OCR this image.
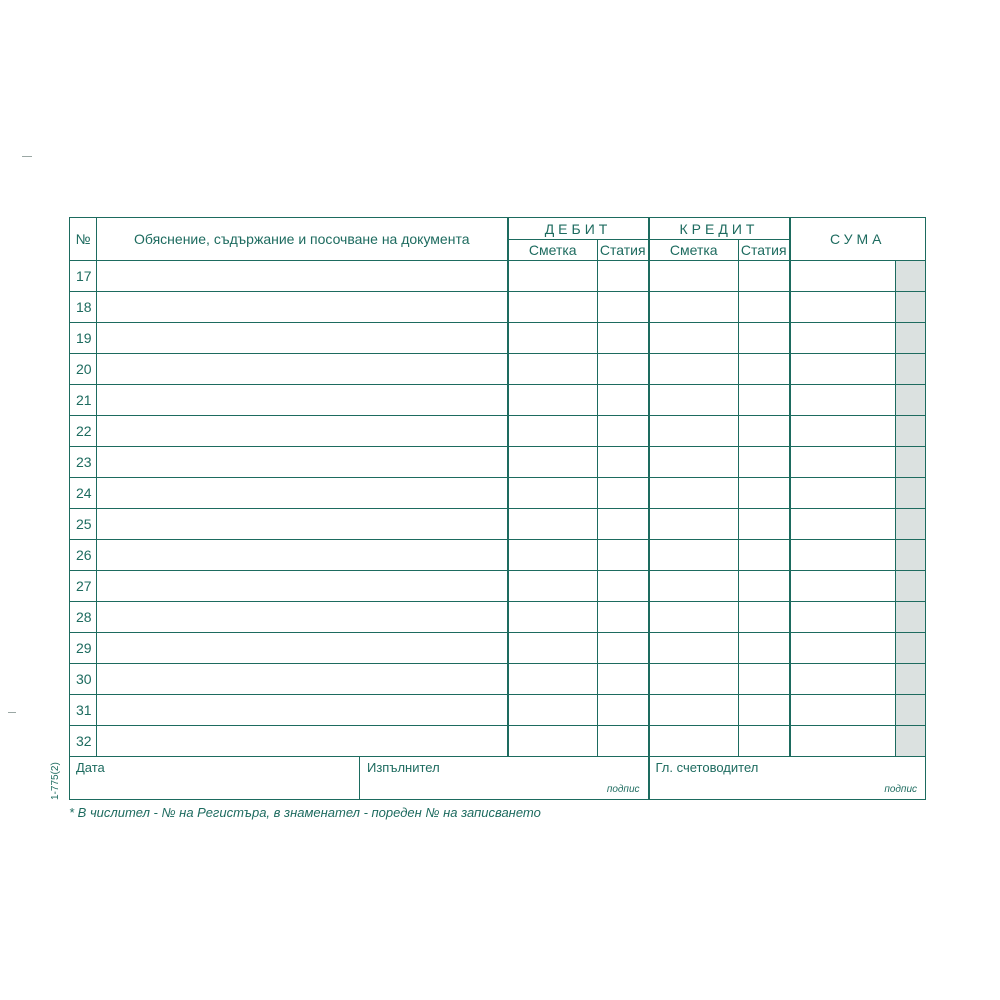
№	Обяснение, съдържание и посочване на документа	ДЕБИТ		КРЕДИТ		СУМА	
		Сметка	Статия	Сметка	Статия		
17							
18							
19							
20							
21							
22							
23							
24							
25							
26							
27							
28							
29							
30							
31							
32							

Дата Изпълнител		подпис		Гл. счетоводител
подпис			
1-775(2)
* В числител - № на Регистъра, в знаменател - пореден № на записването
